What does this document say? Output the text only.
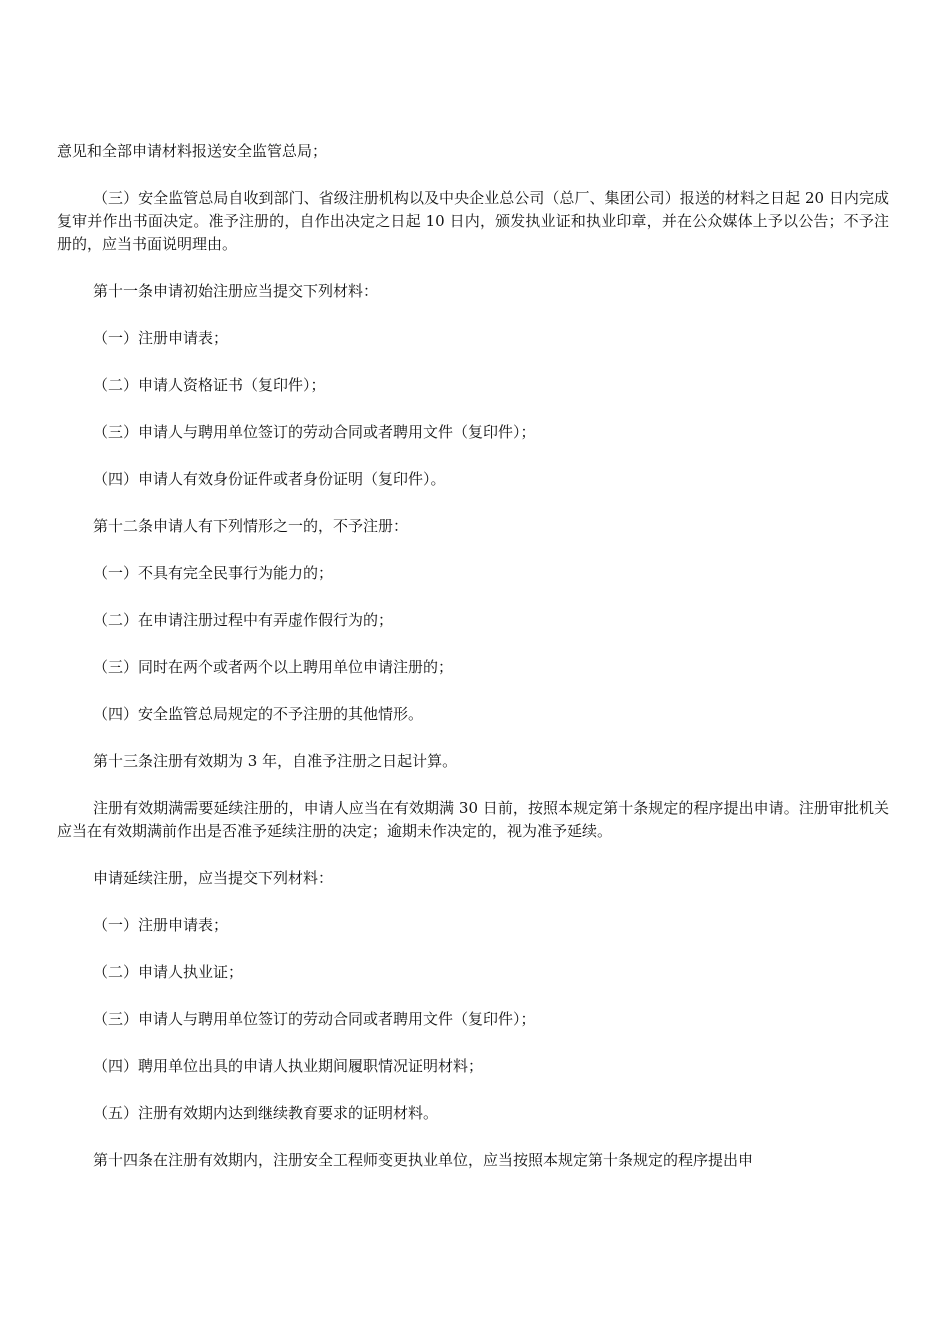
意见和全部申请材料报送安全监管总局；

（三）安全监管总局自收到部门、省级注册机构以及中央企业总公司（总厂、集团公司）报送的材料之日起 20 日内完成复审并作出书面决定。准予注册的，自作出决定之日起 10 日内，颁发执业证和执业印章，并在公众媒体上予以公告；不予注册的，应当书面说明理由。

第十一条申请初始注册应当提交下列材料：

（一）注册申请表；

（二）申请人资格证书（复印件）；

（三）申请人与聘用单位签订的劳动合同或者聘用文件（复印件）；

（四）申请人有效身份证件或者身份证明（复印件）。

第十二条申请人有下列情形之一的，不予注册：

（一）不具有完全民事行为能力的；

（二）在申请注册过程中有弄虚作假行为的；

（三）同时在两个或者两个以上聘用单位申请注册的；

（四）安全监管总局规定的不予注册的其他情形。

第十三条注册有效期为 3 年，自准予注册之日起计算。

注册有效期满需要延续注册的，申请人应当在有效期满 30 日前，按照本规定第十条规定的程序提出申请。注册审批机关应当在有效期满前作出是否准予延续注册的决定；逾期未作决定的，视为准予延续。

申请延续注册，应当提交下列材料：

（一）注册申请表；

（二）申请人执业证；

（三）申请人与聘用单位签订的劳动合同或者聘用文件（复印件）；

（四）聘用单位出具的申请人执业期间履职情况证明材料；

（五）注册有效期内达到继续教育要求的证明材料。

第十四条在注册有效期内，注册安全工程师变更执业单位，应当按照本规定第十条规定的程序提出申
